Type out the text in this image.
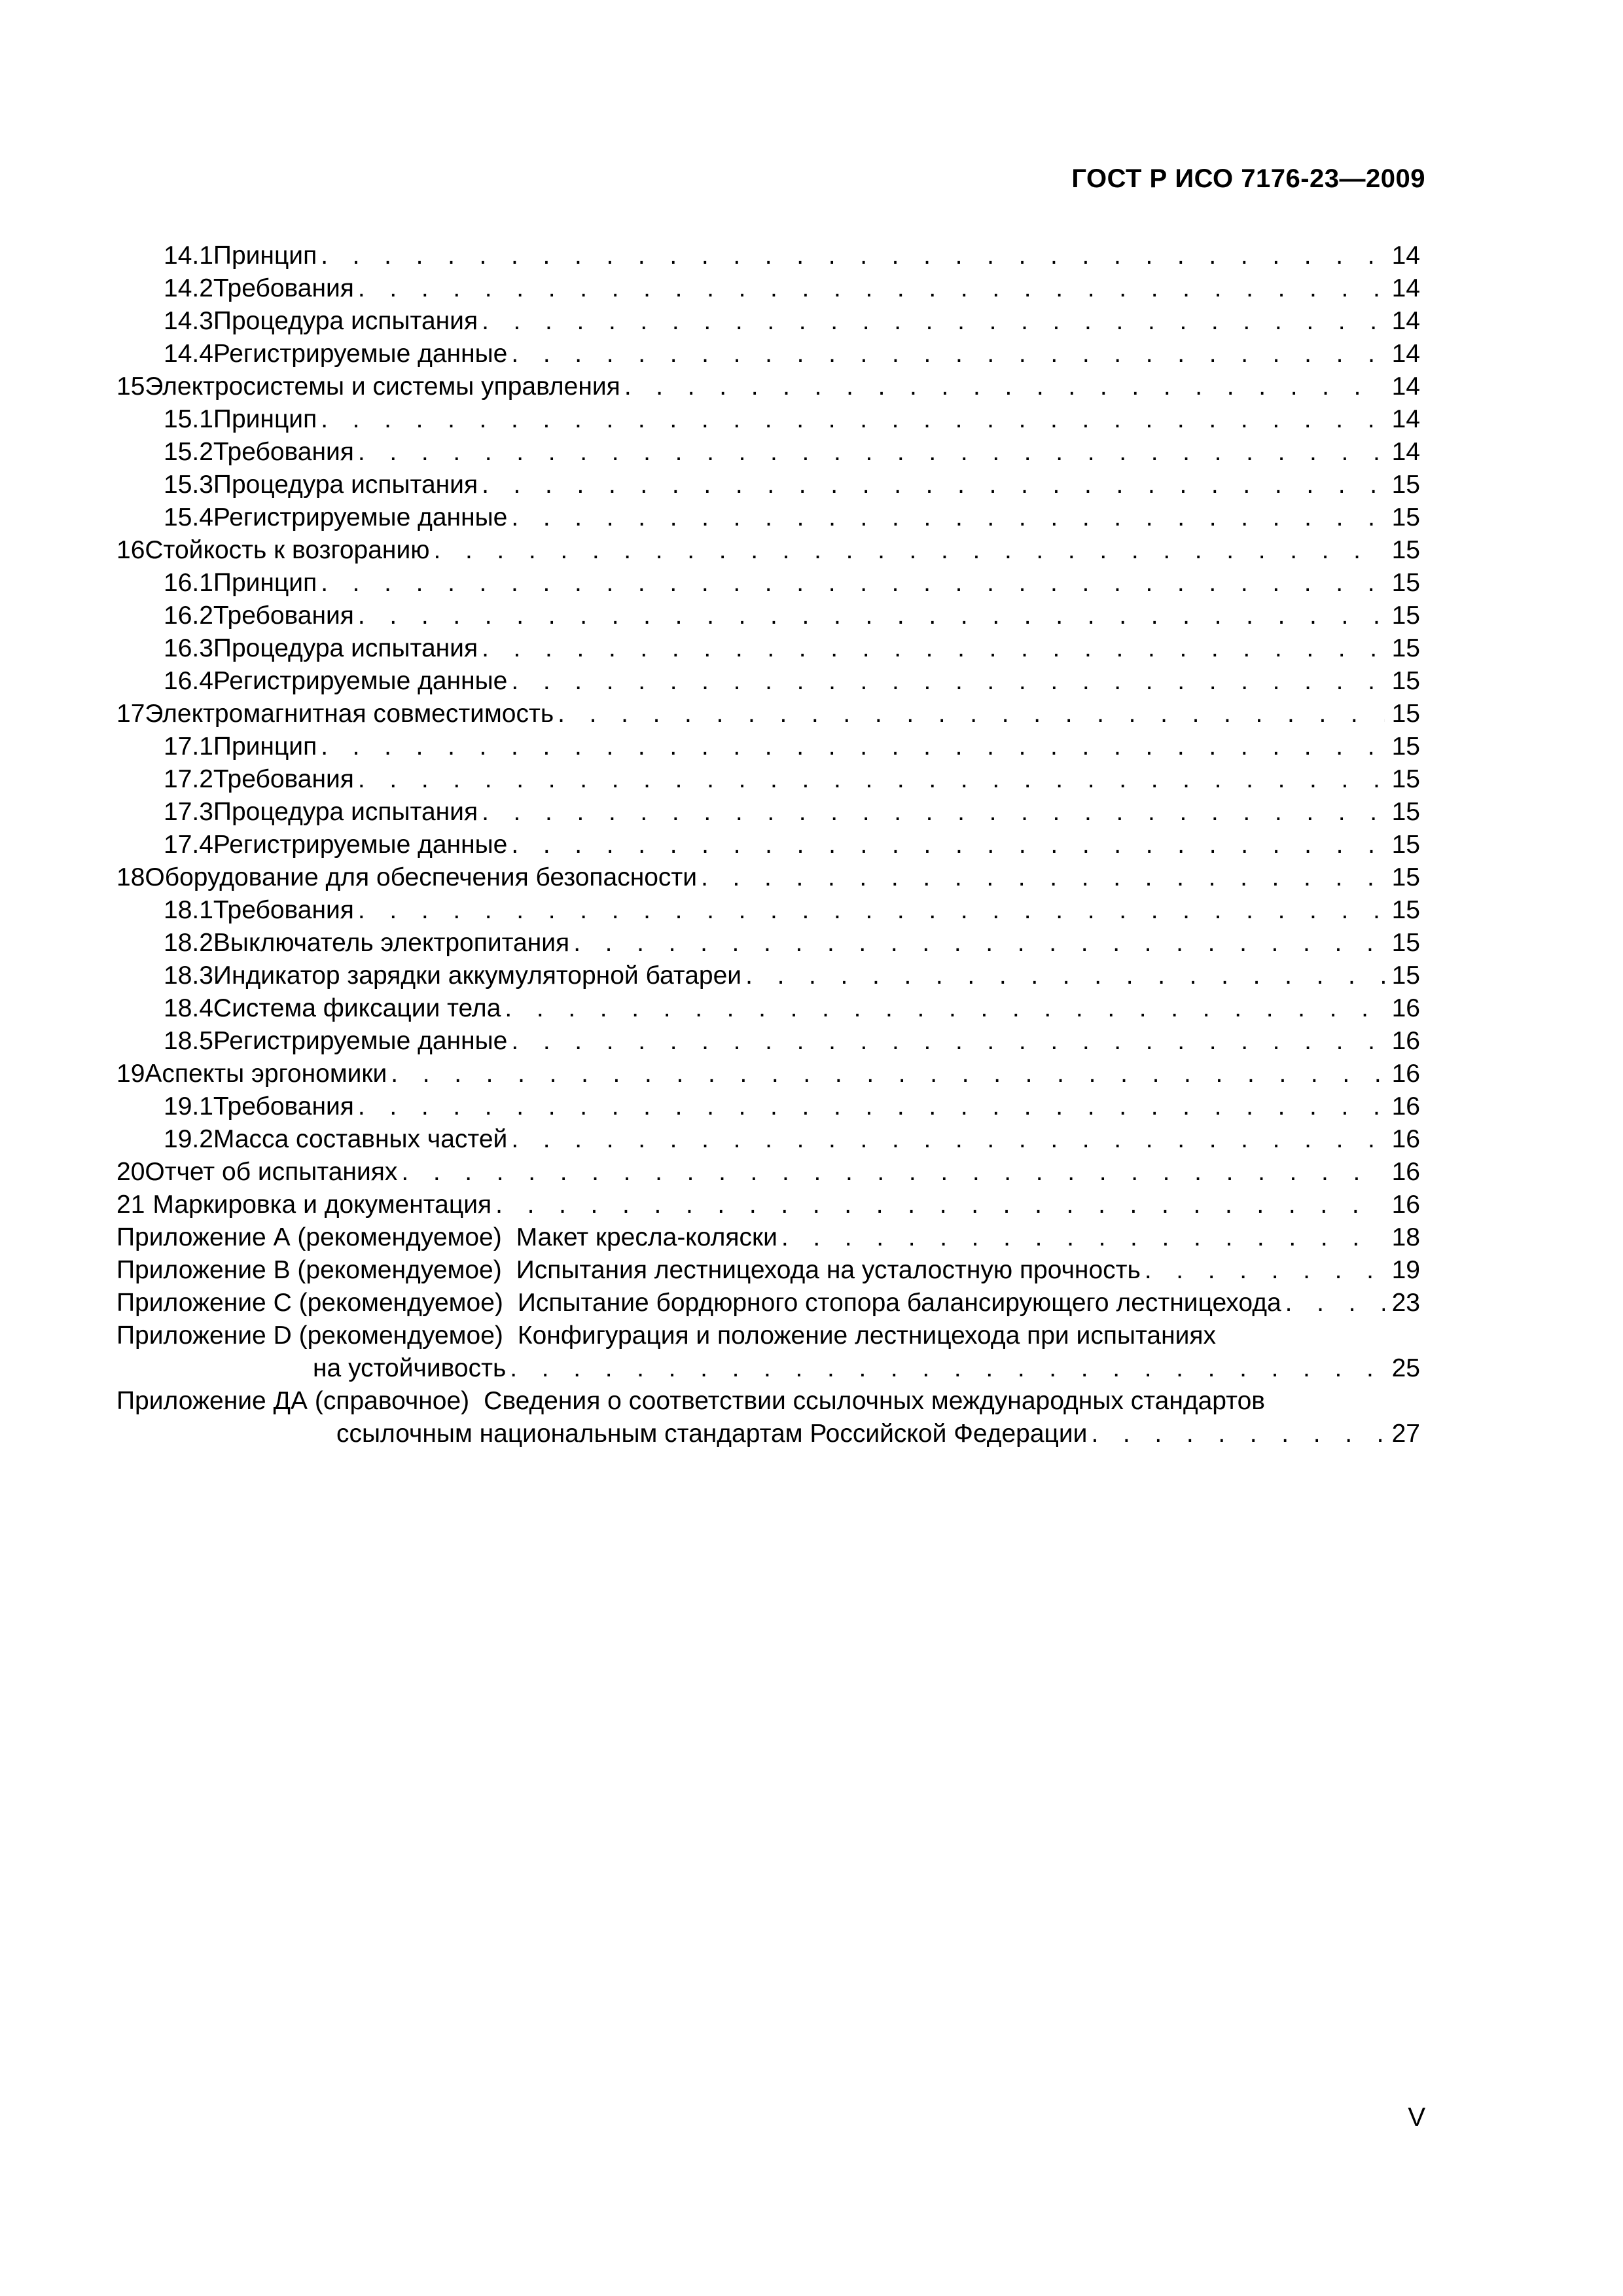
ГОСТ Р ИСО 7176-23—2009
14.1 Принцип . . .	14
14.2 Требования . . .	14
14.3 Процедура испытания . . .	14
14.4 Регистрируемые данные . . .	14
15 Электросистемы и системы управления . . .	14
15.1 Принцип . . .	14
15.2 Требования . . .	14
15.3 Процедура испытания . . .	15
15.4 Регистрируемые данные . . .	15
16 Стойкость к возгоранию . . .	15
16.1 Принцип . . .	15
16.2 Требования . . .	15
16.3 Процедура испытания . . .	15
16.4 Регистрируемые данные . . .	15
17 Электромагнитная совместимость . . .	15
17.1 Принцип . . .	15
17.2 Требования . . .	15
17.3 Процедура испытания . . .	15
17.4 Регистрируемые данные . . .	15
18 Оборудование для обеспечения безопасности . . .	15
18.1 Требования . . .	15
18.2 Выключатель электропитания . . .	15
18.3 Индикатор зарядки аккумуляторной батареи . . .	15
18.4 Система фиксации тела . . .	16
18.5 Регистрируемые данные . . .	16
19 Аспекты эргономики . . .	16
19.1 Требования . . .	16
19.2 Масса составных частей . . .	16
20 Отчет об испытаниях . . .	16
21 Маркировка и документация . . .	16
Приложение А (рекомендуемое) Макет кресла-коляски . . .	18
Приложение В (рекомендуемое) Испытания лестницехода на усталостную прочность . . .	19
Приложение С (рекомендуемое) Испытание бордюрного стопора балансирующего лестницехода . . .	23
Приложение D (рекомендуемое) Конфигурация и положение лестницехода при испытаниях
на устойчивость . . .	25
Приложение ДА (справочное) Сведения о соответствии ссылочных международных стандартов
ссылочным национальным стандартам Российской Федерации . . .	27
V
